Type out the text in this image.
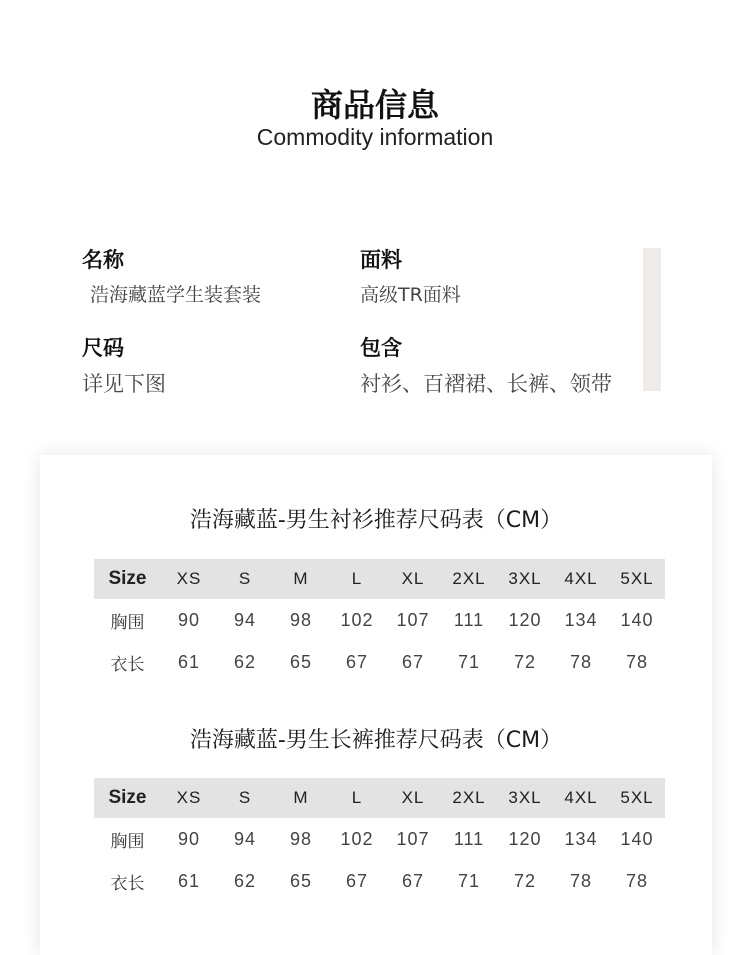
商品信息
Commodity information
名称
浩海藏蓝学生装套装
面料
高级TR面料
尺码
详见下图
包含
衬衫、百褶裙、长裤、领带
浩海藏蓝-男生衬衫推荐尺码表（CM）
Size	XS	S	M	L	XL	2XL	3XL	4XL	5XL
胸围	90	94	98	102	107	111	120	134	140
衣长	61	62	65	67	67	71	72	78	78
浩海藏蓝-男生长裤推荐尺码表（CM）
Size	XS	S	M	L	XL	2XL	3XL	4XL	5XL
胸围	90	94	98	102	107	111	120	134	140
衣长	61	62	65	67	67	71	72	78	78
